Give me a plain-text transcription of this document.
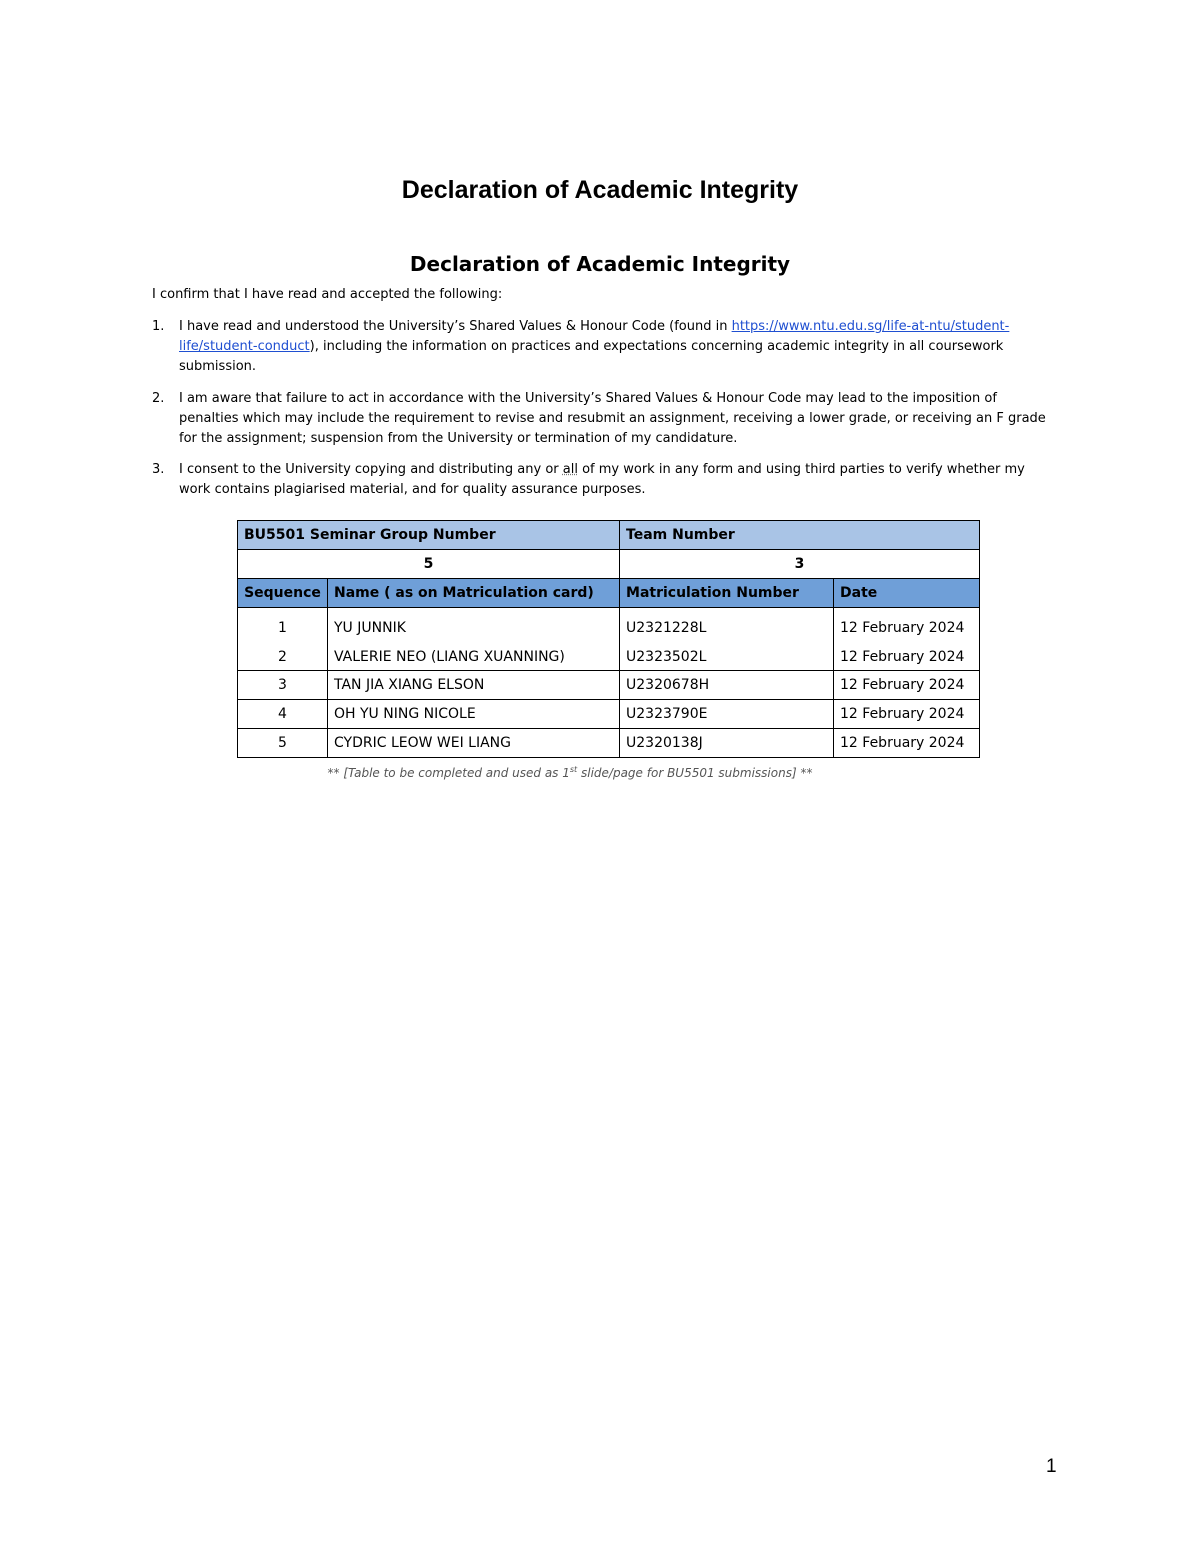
Declaration of Academic Integrity
Declaration of Academic Integrity

I confirm that I have read and accepted the following:

1.	I have read and understood the University’s Shared Values & Honour Code (found in https://www.ntu.edu.sg/life-at-ntu/student-life/student-conduct), including the information on practices and expectations concerning academic integrity in all coursework submission.
2.	I am aware that failure to act in accordance with the University’s Shared Values & Honour Code may lead to the imposition of penalties which may include the requirement to revise and resubmit an assignment, receiving a lower grade, or receiving an F grade for the assignment; suspension from the University or termination of my candidature.
3.	I consent to the University copying and distributing any or all of my work in any form and using third parties to verify whether my work contains plagiarised material, and for quality assurance purposes.
BU5501 Seminar Group Number		Team Number	
5		3	
Sequence	Name ( as on Matriculation card)	Matriculation Number	Date
1	YU JUNNIK	U2321228L	12 February 2024
2	VALERIE NEO (LIANG XUANNING)	U2323502L	12 February 2024
3	TAN JIA XIANG ELSON	U2320678H	12 February 2024
4	OH YU NING NICOLE	U2323790E	12 February 2024
5	CYDRIC LEOW WEI LIANG	U2320138J	12 February 2024
** [Table to be completed and used as 1st slide/page for BU5501 submissions] **
1
